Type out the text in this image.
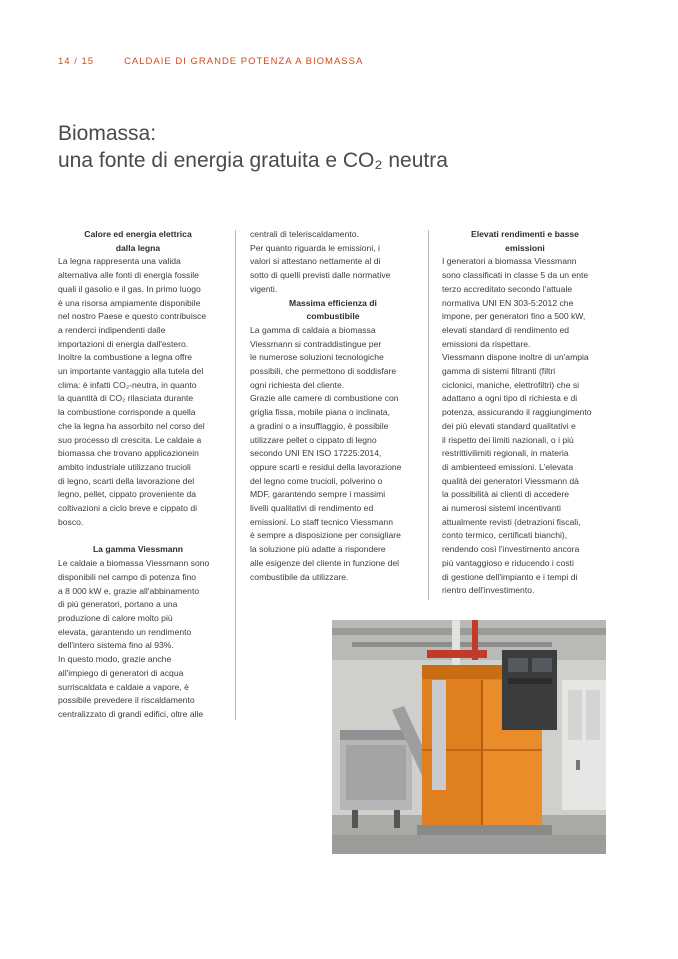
14 / 15	CALDAIE DI GRANDE POTENZA A BIOMASSA
Biomassa:
una fonte di energia gratuita e CO₂ neutra

Calore ed energia elettrica

dalla legna

La legna rappresenta una valida

alternativa alle fonti di energia fossile

quali il gasolio e il gas. In primo luogo

è una risorsa ampiamente disponibile

nel nostro Paese e questo contribuisce

a renderci indipendenti dalle

importazioni di energia dall'estero.

Inoltre la combustione a legna offre

un importante vantaggio alla tutela del

clima: è infatti CO₂-neutra, in quanto

la quantità di CO₂ rilasciata durante

la combustione corrisponde a quella

che la legna ha assorbito nel corso del

suo processo di crescita. Le caldaie a

biomassa che trovano applicazionein

ambito industriale utilizzano trucioli

di legno, scarti della lavorazione del

legno, pellet, cippato proveniente da

coltivazioni a ciclo breve e cippato di

bosco.

La gamma Viessmann

Le caldaie a biomassa Viessmann sono

disponibili nel campo di potenza fino

a 8 000 kW e, grazie all'abbinamento

di più generatori, portano a una

produzione di calore molto più

elevata, garantendo un rendimento

dell'intero sistema fino al 93%.

In questo modo, grazie anche

all'impiego di generatori di acqua

surriscaldata e caldaie a vapore, è

possibile prevedere il riscaldamento

centralizzato di grandi edifici, oltre alle

centrali di teleriscaldamento.

Per quanto riguarda le emissioni, i

valori si attestano nettamente al di

sotto di quelli previsti dalle normative

vigenti.

Massima efficienza di

combustibile

La gamma di caldaia a biomassa

Viessmann si contraddistingue per

le numerose soluzioni tecnologiche

possibili, che permettono di soddisfare

ogni richiesta del cliente.

Grazie alle camere di combustione con

griglia fissa, mobile piana o inclinata,

a gradini o a insufflaggio, è possibile

utilizzare pellet o cippato di legno

secondo UNI EN ISO 17225:2014,

oppure scarti e residui della lavorazione

del legno come trucioli, polverino o

MDF, garantendo sempre i massimi

livelli qualitativi di rendimento ed

emissioni. Lo staff tecnico Viessmann

è sempre a disposizione per consigliare

la soluzione più adatte a rispondere

alle esigenze del cliente in funzione del

combustibile da utilizzare.

Elevati rendimenti e basse

emissioni

I generatori a biomassa Viessmann

sono classificati in classe 5 da un ente

terzo accreditato secondo l'attuale

normativa UNI EN 303-5:2012 che

impone, per generatori fino a 500 kW,

elevati standard di rendimento ed

emissioni da rispettare.

Viessmann dispone inoltre di un'ampia

gamma di sistemi filtranti (filtri

ciclonici, maniche, elettrofiltri) che si

adattano a ogni tipo di richiesta e di

potenza, assicurando il raggiungimento

dei più elevati standard qualitativi e

il rispetto dei limiti nazionali, o i più

restrittivilimiti regionali, in materia

di ambienteed emissioni. L'elevata

qualità dei generatori Viessmann dà

la possibilità ai clienti di accedere

ai numerosi sistemi incentivanti

attualmente revisti (detrazioni fiscali,

conto termico, certificati bianchi),

rendendo così l'investimento ancora

più vantaggioso e riducendo i costi

di gestione dell'impianto e i tempi di

rientro dell'investimento.
